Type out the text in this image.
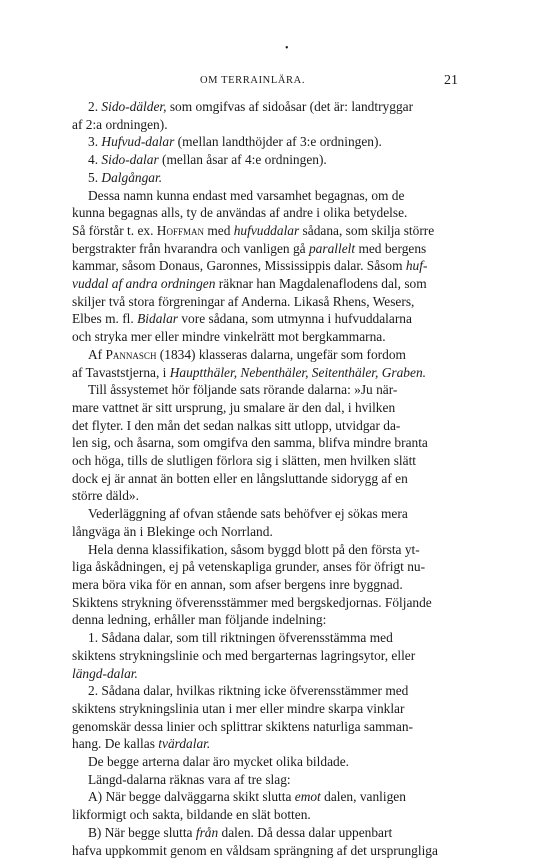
•
OM TERRAINLÄRA.	21
2. Sido-dälder, som omgifvas af sidoåsar (det är: landtryggar
af 2:a ordningen).
3. Hufvud-dalar (mellan landthöjder af 3:e ordningen).
4. Sido-dalar (mellan åsar af 4:e ordningen).
5. Dalgångar.
Dessa namn kunna endast med varsamhet begagnas, om de
kunna begagnas alls, ty de användas af andre i olika betydelse.
Så förstår t. ex. Hoffman med hufvuddalar sådana, som skilja större
bergstrakter från hvarandra och vanligen gå parallelt med bergens
kammar, såsom Donaus, Garonnes, Mississippis dalar. Såsom huf-
vuddal af andra ordningen räknar han Magdalenaflodens dal, som
skiljer två stora förgreningar af Anderna. Likaså Rhens, Wesers,
Elbes m. fl. Bidalar vore sådana, som utmynna i hufvuddalarna
och stryka mer eller mindre vinkelrätt mot bergkammarna.
Af Pannasch (1834) klasseras dalarna, ungefär som fordom
af Tavaststjerna, i Hauptthäler, Nebenthäler, Seitenthäler, Graben.
Till åssystemet hör följande sats rörande dalarna: »Ju när-
mare vattnet är sitt ursprung, ju smalare är den dal, i hvilken
det flyter. I den mån det sedan nalkas sitt utlopp, utvidgar da-
len sig, och åsarna, som omgifva den samma, blifva mindre branta
och höga, tills de slutligen förlora sig i slätten, men hvilken slätt
dock ej är annat än botten eller en långsluttande sidorygg af en
större däld».
Vederläggning af ofvan stående sats behöfver ej sökas mera
långväga än i Blekinge och Norrland.
Hela denna klassifikation, såsom byggd blott på den första yt-
liga åskådningen, ej på vetenskapliga grunder, anses för öfrigt nu-
mera böra vika för en annan, som afser bergens inre byggnad.
Skiktens strykning öfverensstämmer med bergskedjornas. Följande
denna ledning, erhåller man följande indelning:
1. Sådana dalar, som till riktningen öfverensstämma med
skiktens strykningslinie och med bergarternas lagringsytor, eller
längd-dalar.
2. Sådana dalar, hvilkas riktning icke öfverensstämmer med
skiktens strykningslinia utan i mer eller mindre skarpa vinklar
genomskär dessa linier och splittrar skiktens naturliga samman-
hang. De kallas tvärdalar.
De begge arterna dalar äro mycket olika bildade.
Längd-dalarna räknas vara af tre slag:
A) När begge dalväggarna skikt slutta emot dalen, vanligen
likformigt och sakta, bildande en slät botten.
B) När begge slutta från dalen. Då dessa dalar uppenbart
hafva uppkommit genom en våldsam sprängning af det ursprungliga
